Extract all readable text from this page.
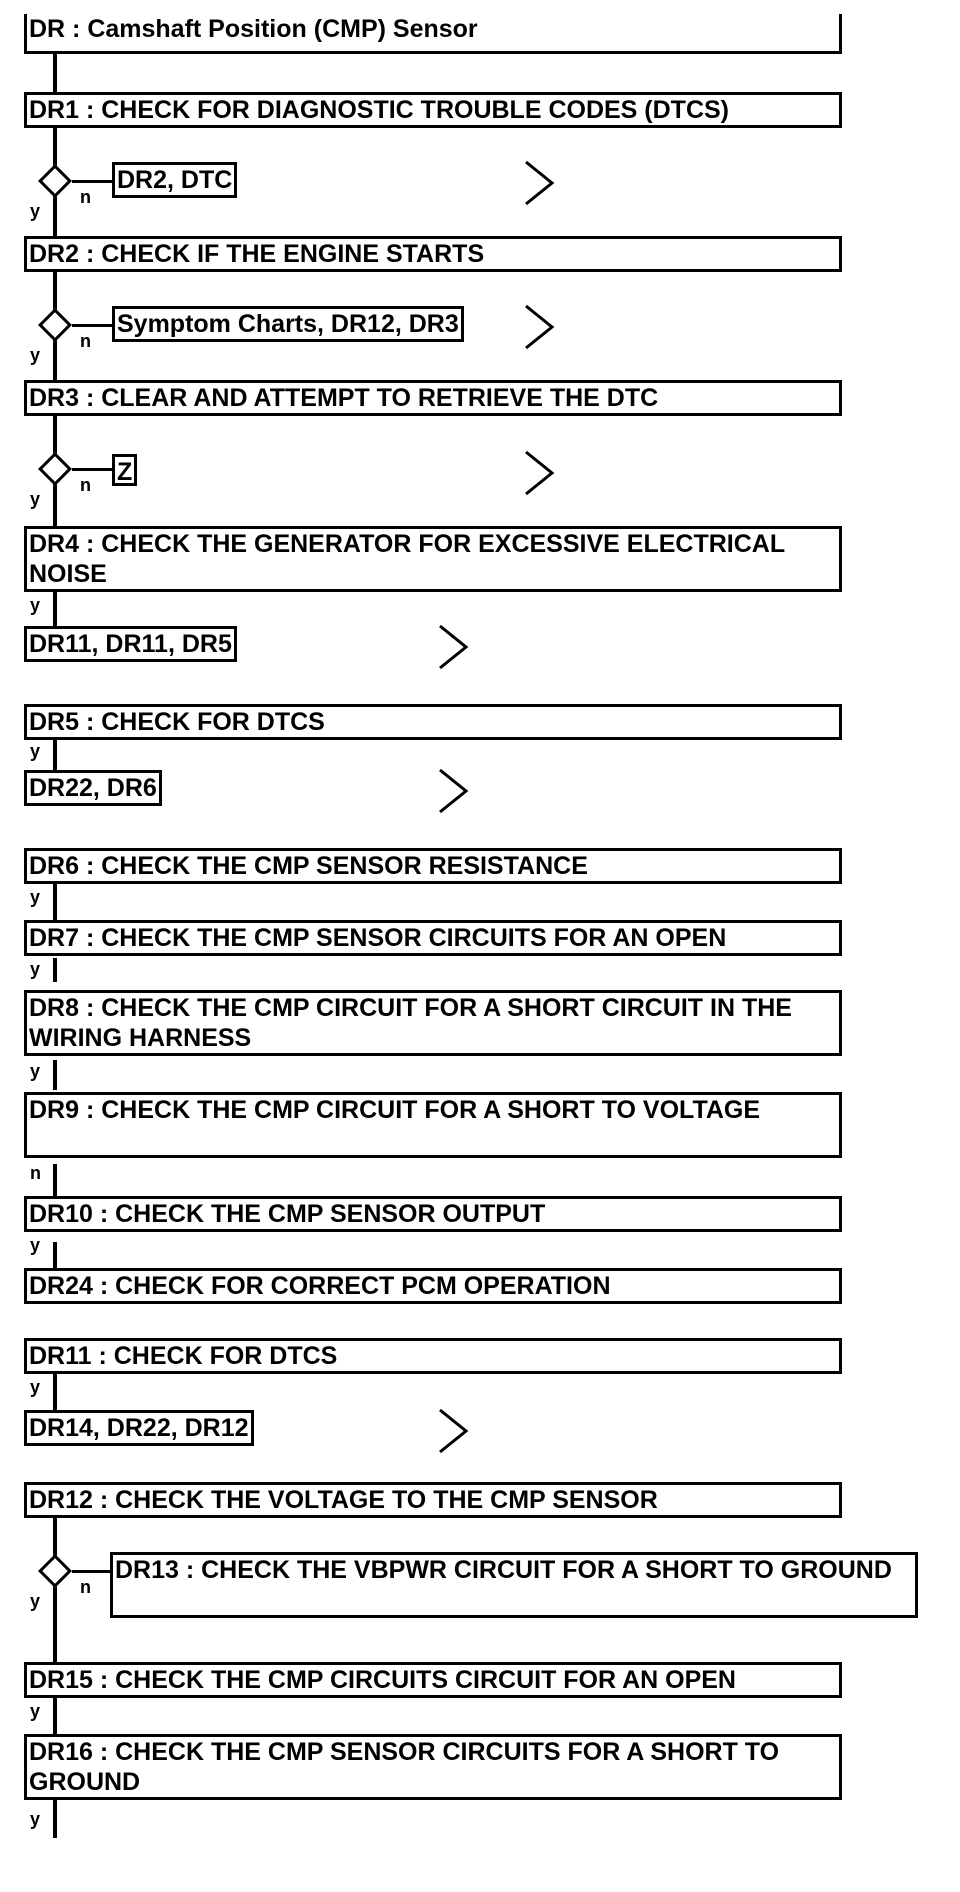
DR : Camshaft Position (CMP) Sensor
DR1 : CHECK FOR DIAGNOSTIC TROUBLE CODES (DTCS)
n
y
DR2, DTC
DR2 : CHECK IF THE ENGINE STARTS
n
y
Symptom Charts, DR12, DR3
DR3 : CLEAR AND ATTEMPT TO RETRIEVE THE DTC
n
y
Z
DR4 : CHECK THE GENERATOR FOR EXCESSIVE ELECTRICAL NOISE
y
DR11, DR11, DR5
DR5 : CHECK FOR DTCS
y
DR22, DR6
DR6 : CHECK THE CMP SENSOR RESISTANCE
y
DR7 : CHECK THE CMP SENSOR CIRCUITS FOR AN OPEN
y
DR8 : CHECK THE CMP CIRCUIT FOR A SHORT CIRCUIT IN THE WIRING HARNESS
y
DR9 : CHECK THE CMP CIRCUIT FOR A SHORT TO VOLTAGE
n
DR10 : CHECK THE CMP SENSOR OUTPUT
y
DR24 : CHECK FOR CORRECT PCM OPERATION
DR11 : CHECK FOR DTCS
y
DR14, DR22, DR12
DR12 : CHECK THE VOLTAGE TO THE CMP SENSOR
n
y
DR13 : CHECK THE VBPWR CIRCUIT FOR A SHORT TO GROUND
DR15 : CHECK THE CMP CIRCUITS CIRCUIT FOR AN OPEN
y
DR16 : CHECK THE CMP SENSOR CIRCUITS FOR A SHORT TO GROUND
y
